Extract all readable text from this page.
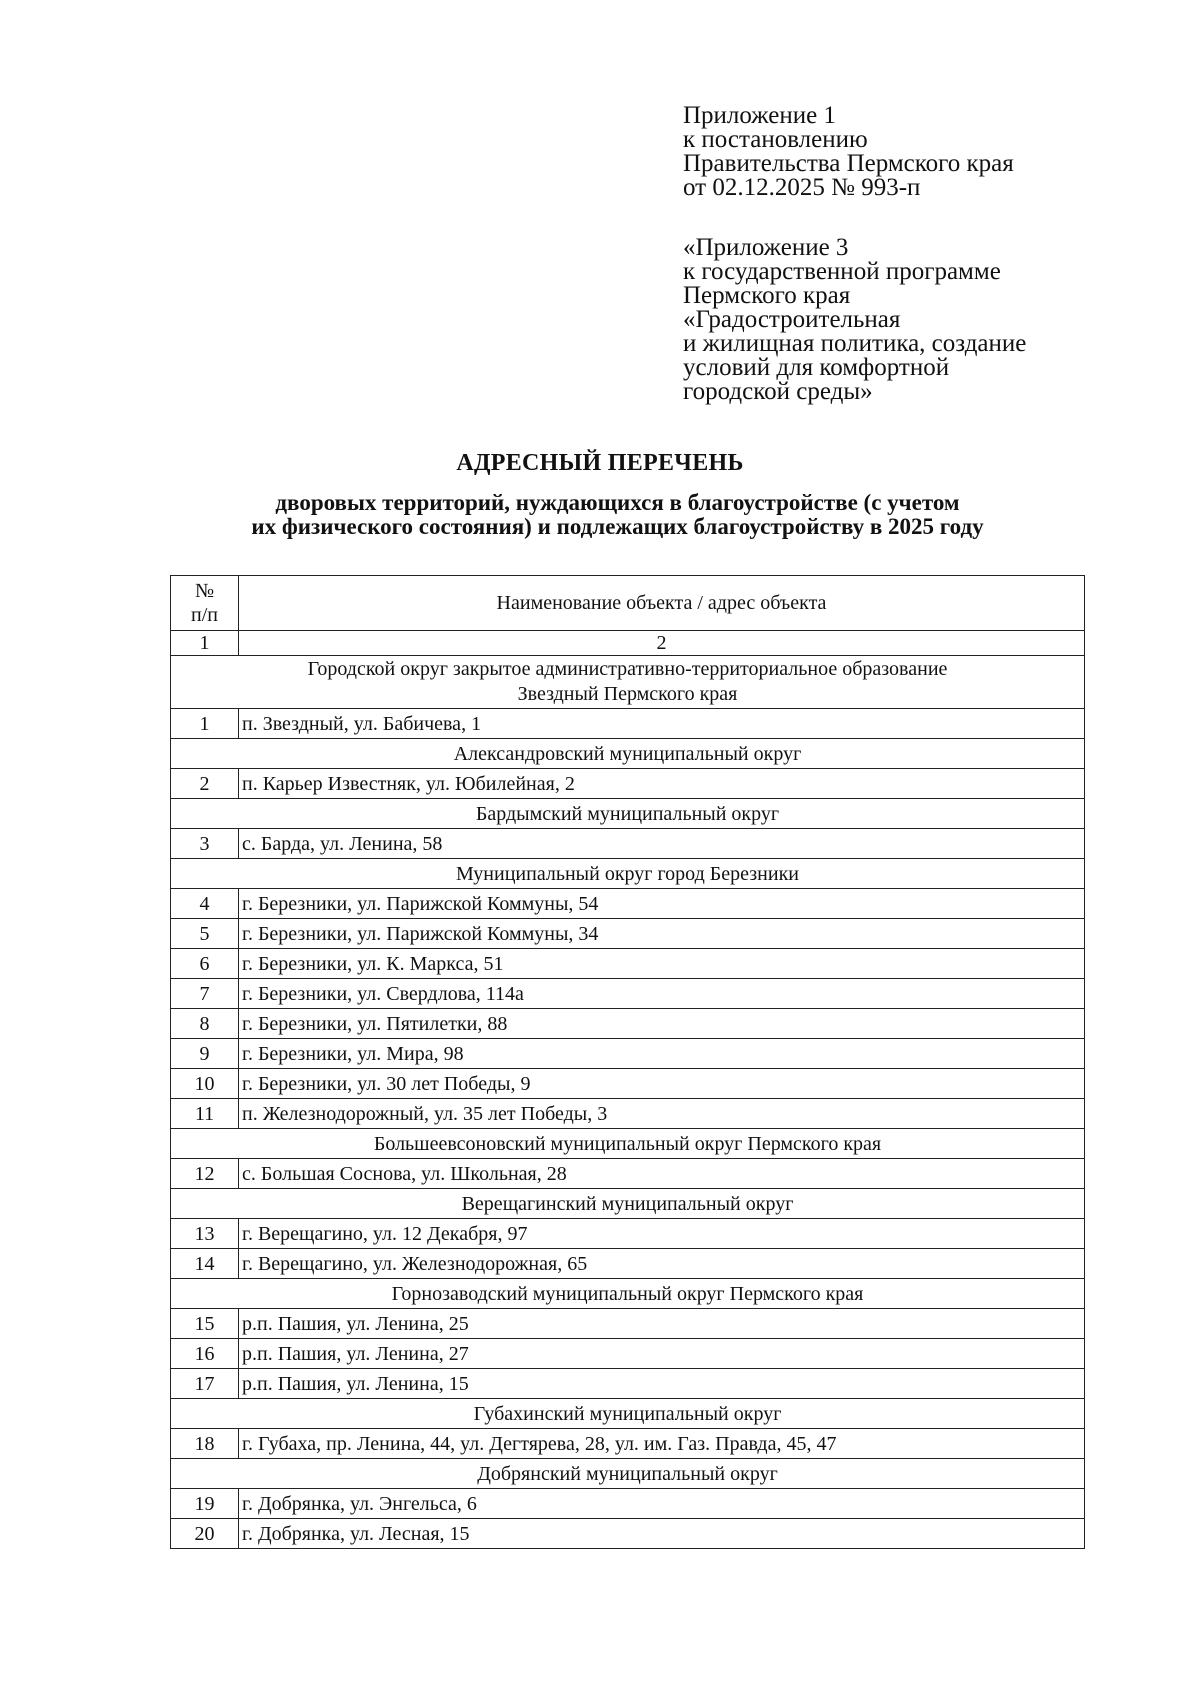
Приложение 1
к постановлению
Правительства Пермского края
от 02.12.2025 № 993-п
«Приложение 3
к государственной программе
Пермского края
«Градостроительная
и жилищная политика, создание
условий для комфортной
городской среды»
АДРЕСНЫЙ ПЕРЕЧЕНЬ
дворовых территорий, нуждающихся в благоустройстве (с учетом
их физического состояния) и подлежащих благоустройству в 2025 году
№
п/п	Наименование объекта / адрес объекта
1	2

Городской округ закрытое административно-территориальное образование
Звездный Пермского края	

1	п. Звездный, ул. Бабичева, 1

Александровский муниципальный округ	

2	п. Карьер Известняк, ул. Юбилейная, 2

Бардымский муниципальный округ	

3	с. Барда, ул. Ленина, 58

Муниципальный округ город Березники	

4	г. Березники, ул. Парижской Коммуны, 54
5	г. Березники, ул. Парижской Коммуны, 34
6	г. Березники, ул. К. Маркса, 51
7	г. Березники, ул. Свердлова, 114а
8	г. Березники, ул. Пятилетки, 88
9	г. Березники, ул. Мира, 98
10	г. Березники, ул. 30 лет Победы, 9
11	п. Железнодорожный, ул. 35 лет Победы, 3

Большеевсоновский муниципальный округ Пермского края	

12	с. Большая Соснова, ул. Школьная, 28

Верещагинский муниципальный округ	

13	г. Верещагино, ул. 12 Декабря, 97
14	г. Верещагино, ул. Железнодорожная, 65

Горнозаводский муниципальный округ Пермского края	

15	р.п. Пашия, ул. Ленина, 25
16	р.п. Пашия, ул. Ленина, 27
17	р.п. Пашия, ул. Ленина, 15

Губахинский муниципальный округ	

18	г. Губаха, пр. Ленина, 44, ул. Дегтярева, 28, ул. им. Газ. Правда, 45, 47

Добрянский муниципальный округ	

19	г. Добрянка, ул. Энгельса, 6
20	г. Добрянка, ул. Лесная, 15
